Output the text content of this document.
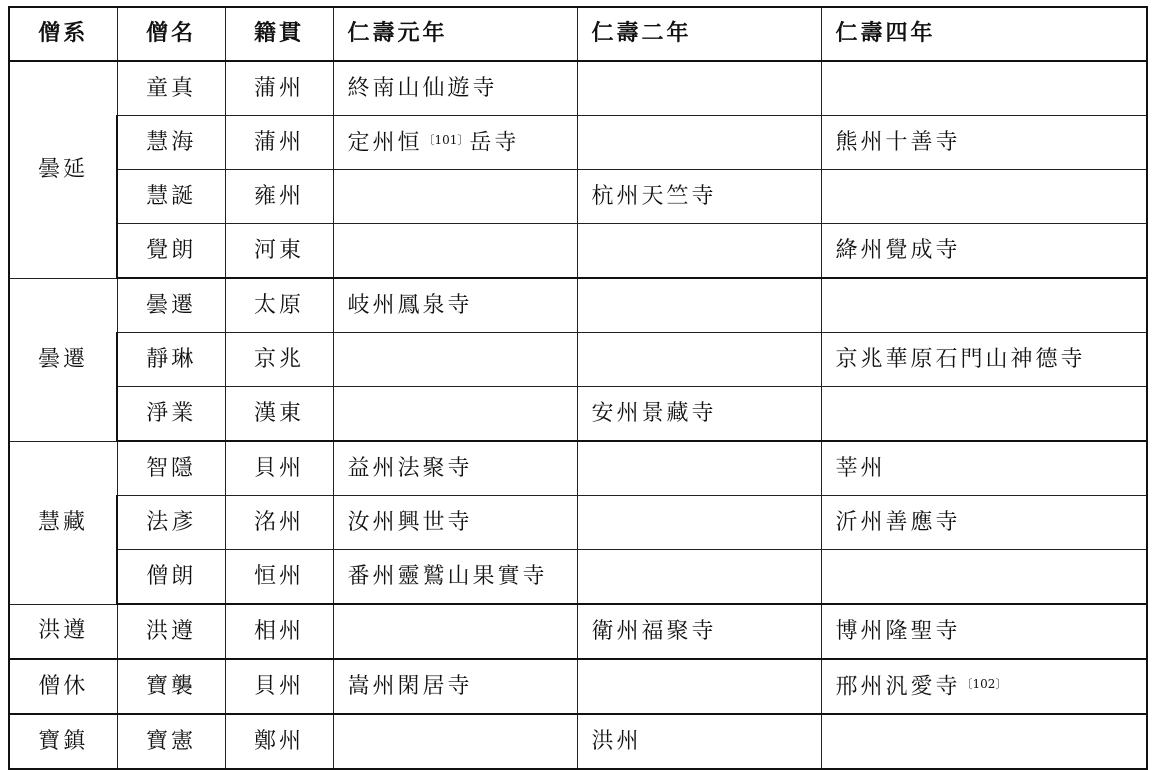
僧系	僧名	籍貫	仁壽元年	仁壽二年	仁壽四年
曇延	童真	蒲州	終南山仙遊寺		
	慧海	蒲州	定州恒$^{〔101〕}$岳寺		熊州十善寺
	慧誕	雍州		杭州天竺寺	
	覺朗	河東			絳州覺成寺
曇遷	曇遷	太原	岐州鳳泉寺		
	靜琳	京兆			京兆華原石門山神德寺
	淨業	漢東		安州景藏寺	
慧藏	智隱	貝州	益州法聚寺		莘州
	法彥	洺州	汝州興世寺		沂州善應寺
	僧朗	恒州	番州靈鷲山果實寺		
洪遵	洪遵	相州		衛州福聚寺	博州隆聖寺
僧休	寶襲	貝州	嵩州閑居寺		邢州汎愛寺$^{〔102〕}$
寶鎮	寶憲	鄭州		洪州	
